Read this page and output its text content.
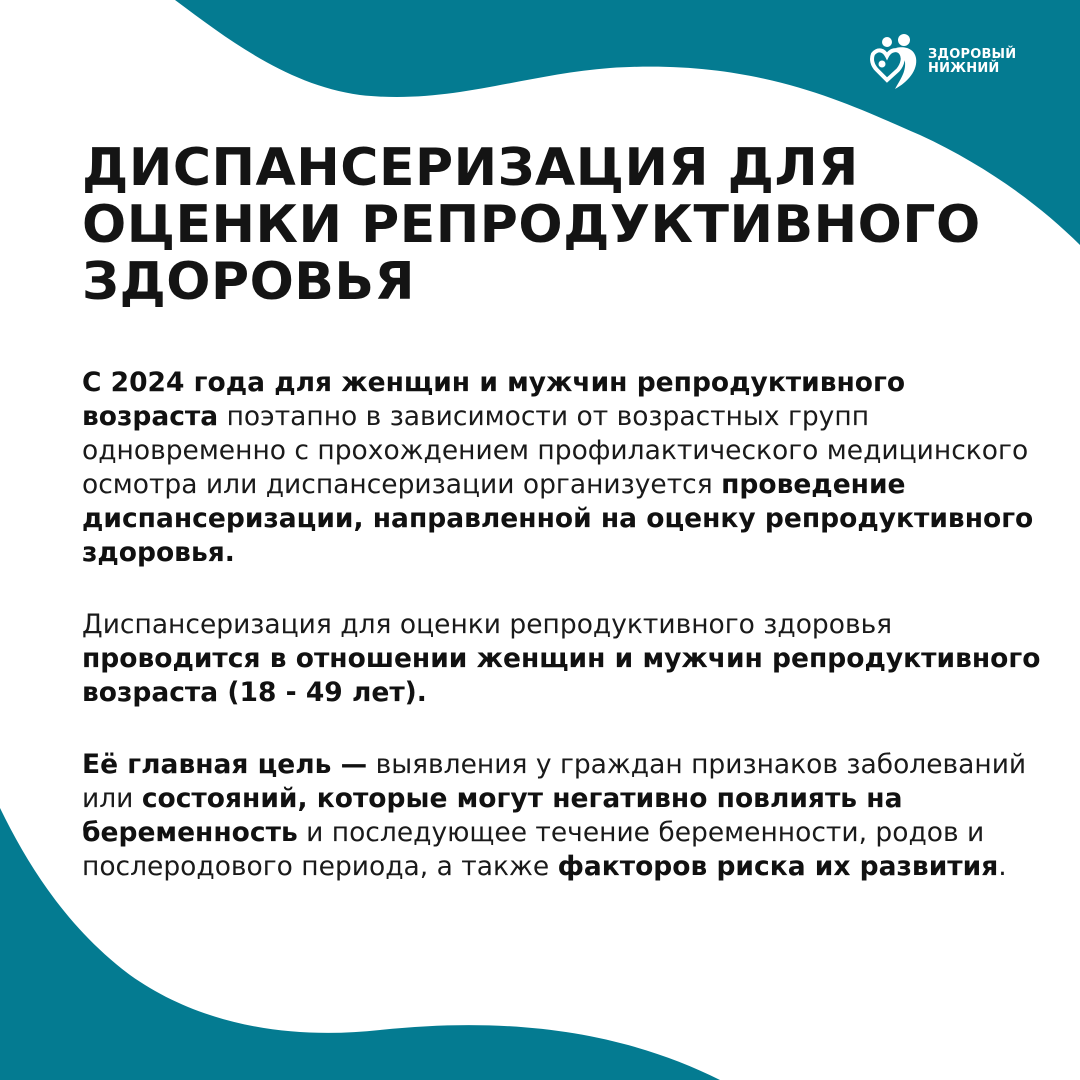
ЗДОРОВЫЙ
НИЖНИЙ
ДИСПАНСЕРИЗАЦИЯ ДЛЯ
ОЦЕНКИ РЕПРОДУКТИВНОГО
ЗДОРОВЬЯ

С 2024 года для женщин и мужчин репродуктивного возраста поэтапно в зависимости от возрастных групп одновременно с прохождением профилактического медицинского осмотра или диспансеризации организуется проведение диспансеризации, направленной на оценку репродуктивного здоровья.

Диспансеризация для оценки репродуктивного здоровья проводится в отношении женщин и мужчин репродуктивного возраста (18 - 49 лет).

Её главная цель — выявления у граждан признаков заболеваний или состояний, которые могут негативно повлиять на беременность и последующее течение беременности, родов и послеродового периода, а также факторов риска их развития.
